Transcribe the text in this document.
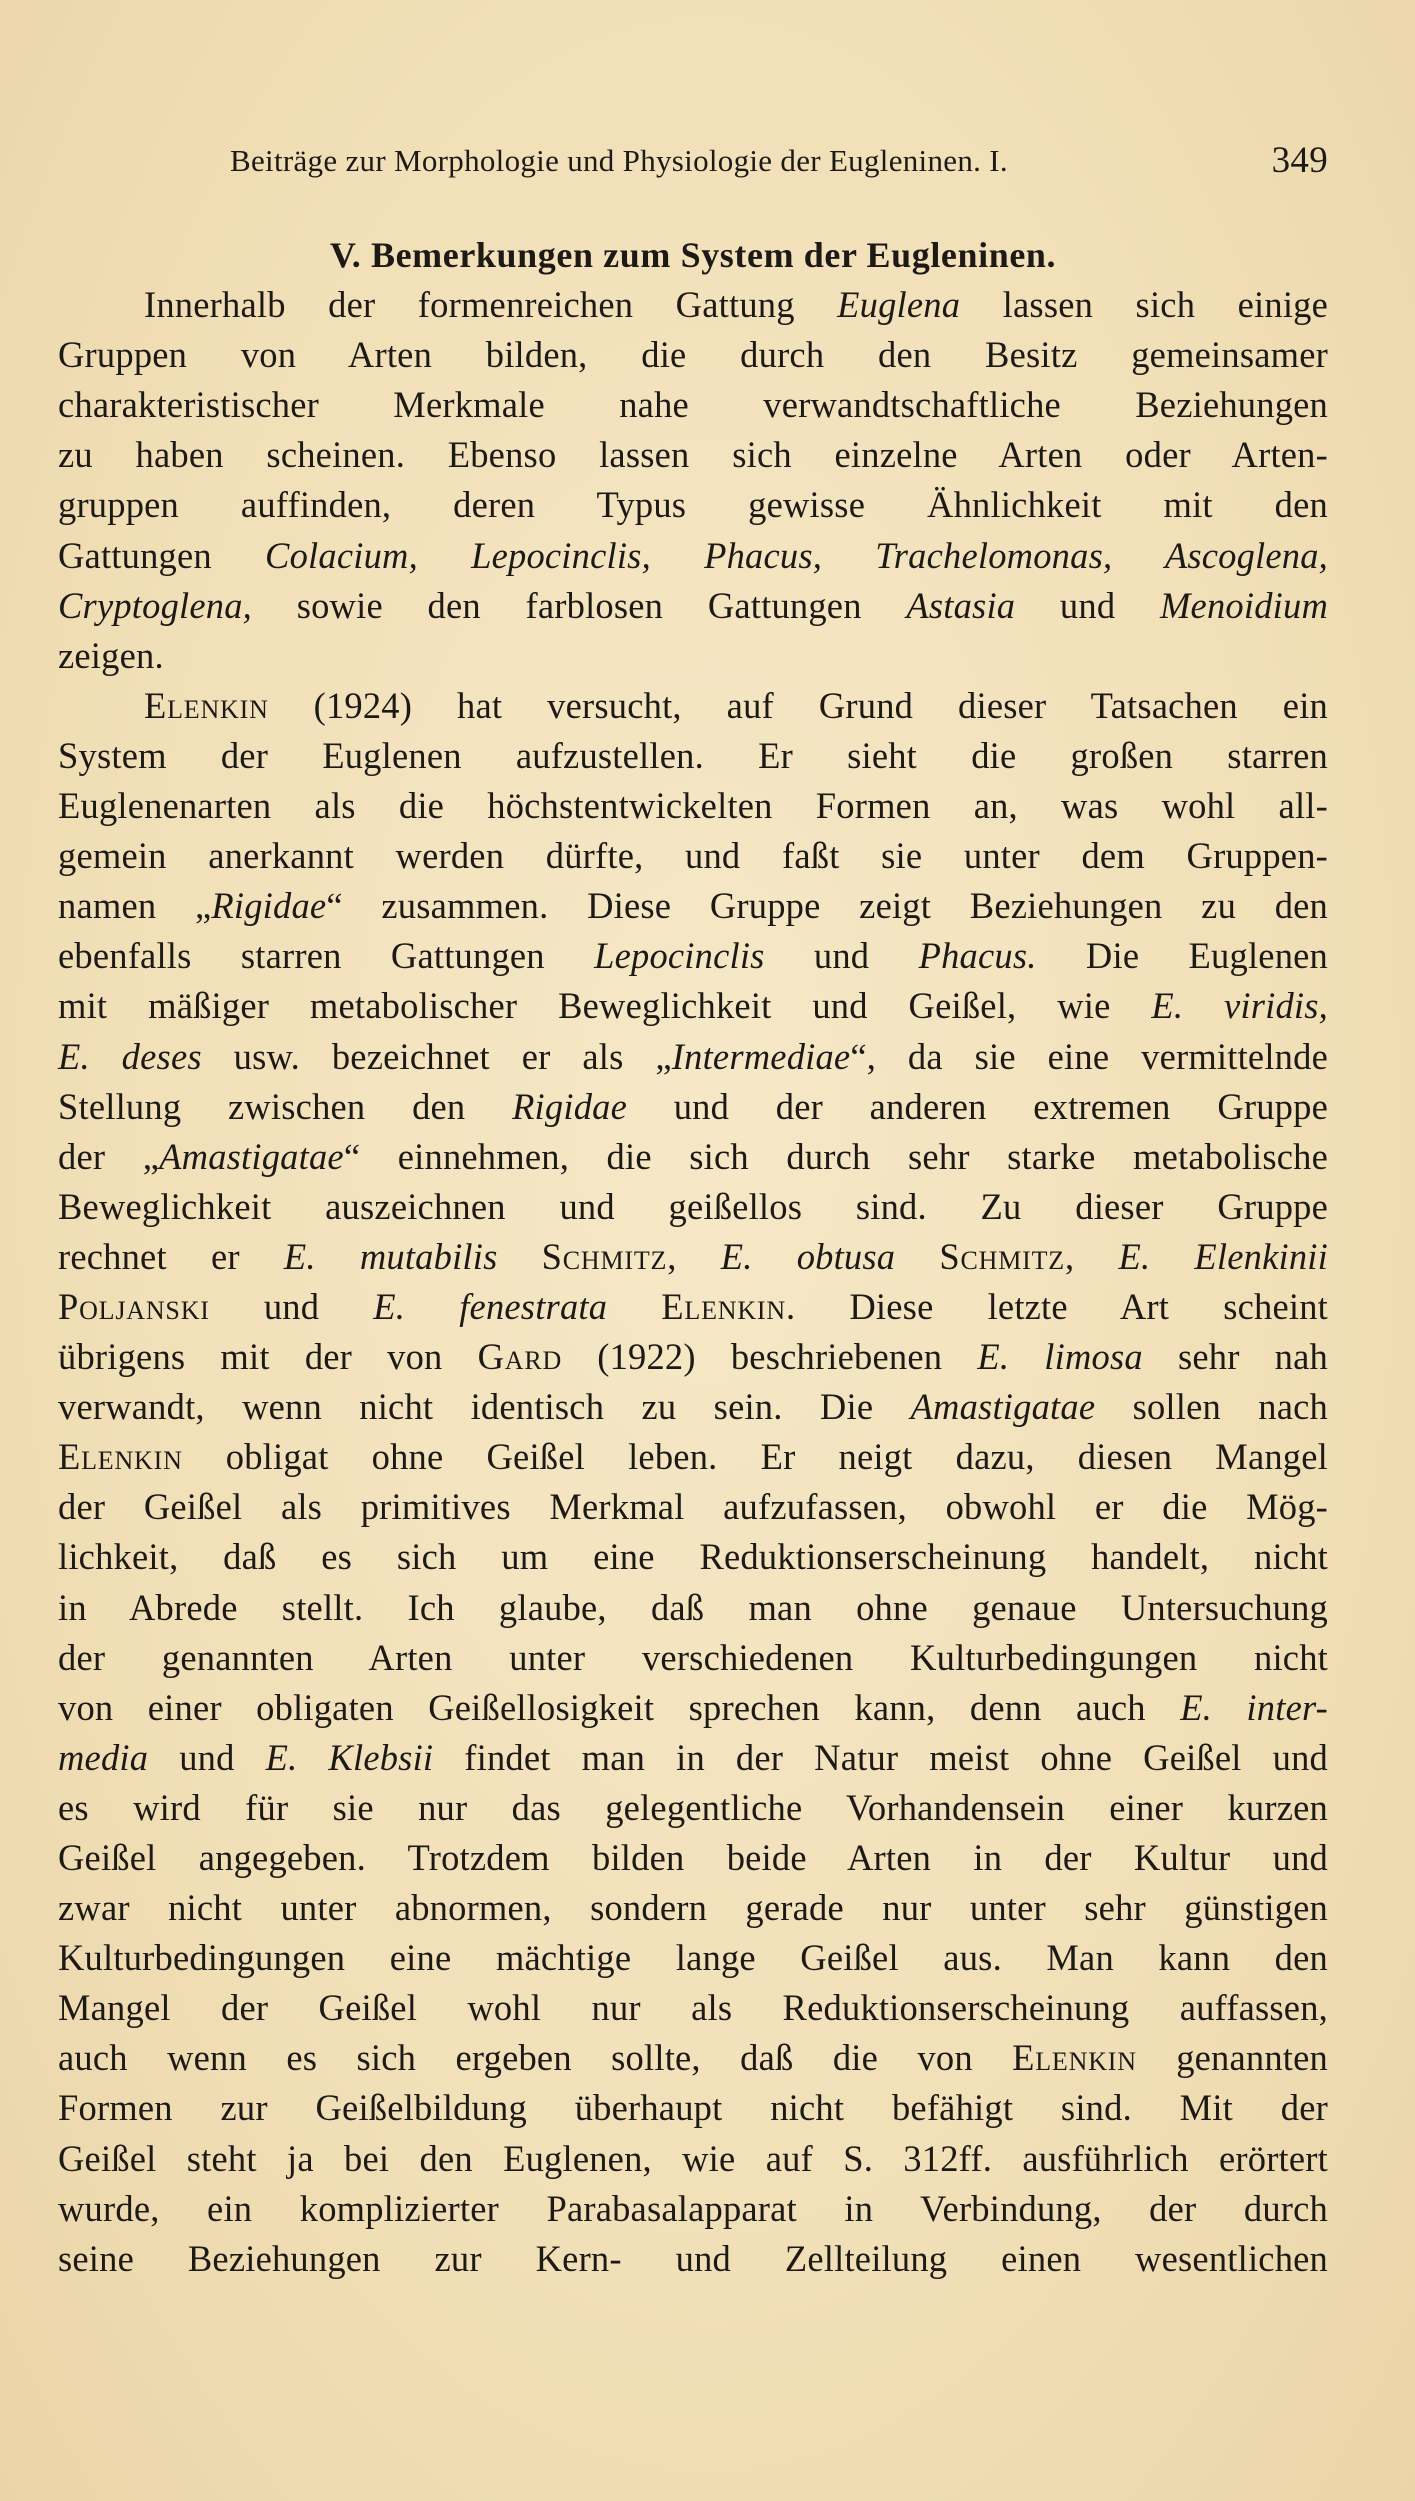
Beiträge zur Morphologie und Physiologie der Eugleninen. I.	349
V. Bemerkungen zum System der Eugleninen.
Innerhalb der formenreichen Gattung Euglena lassen sich einige
Gruppen von Arten bilden, die durch den Besitz gemeinsamer
charakteristischer Merkmale nahe verwandtschaftliche Beziehungen
zu haben scheinen. Ebenso lassen sich einzelne Arten oder Arten-
gruppen auffinden, deren Typus gewisse Ähnlichkeit mit den
Gattungen Colacium, Lepocinclis, Phacus, Trachelomonas, Ascoglena,
Cryptoglena, sowie den farblosen Gattungen Astasia und Menoidium
zeigen.
Elenkin (1924) hat versucht, auf Grund dieser Tatsachen ein
System der Euglenen aufzustellen. Er sieht die großen starren
Euglenenarten als die höchstentwickelten Formen an, was wohl all-
gemein anerkannt werden dürfte, und faßt sie unter dem Gruppen-
namen „Rigidae“ zusammen. Diese Gruppe zeigt Beziehungen zu den
ebenfalls starren Gattungen Lepocinclis und Phacus. Die Euglenen
mit mäßiger metabolischer Beweglichkeit und Geißel, wie E. viridis,
E. deses usw. bezeichnet er als „Intermediae“, da sie eine vermittelnde
Stellung zwischen den Rigidae und der anderen extremen Gruppe
der „Amastigatae“ einnehmen, die sich durch sehr starke metabolische
Beweglichkeit auszeichnen und geißellos sind. Zu dieser Gruppe
rechnet er E. mutabilis Schmitz, E. obtusa Schmitz, E. Elenkinii
Poljanski und E. fenestrata Elenkin. Diese letzte Art scheint
übrigens mit der von Gard (1922) beschriebenen E. limosa sehr nah
verwandt, wenn nicht identisch zu sein. Die Amastigatae sollen nach
Elenkin obligat ohne Geißel leben. Er neigt dazu, diesen Mangel
der Geißel als primitives Merkmal aufzufassen, obwohl er die Mög-
lichkeit, daß es sich um eine Reduktionserscheinung handelt, nicht
in Abrede stellt. Ich glaube, daß man ohne genaue Untersuchung
der genannten Arten unter verschiedenen Kulturbedingungen nicht
von einer obligaten Geißellosigkeit sprechen kann, denn auch E. inter-
media und E. Klebsii findet man in der Natur meist ohne Geißel und
es wird für sie nur das gelegentliche Vorhandensein einer kurzen
Geißel angegeben. Trotzdem bilden beide Arten in der Kultur und
zwar nicht unter abnormen, sondern gerade nur unter sehr günstigen
Kulturbedingungen eine mächtige lange Geißel aus. Man kann den
Mangel der Geißel wohl nur als Reduktionserscheinung auffassen,
auch wenn es sich ergeben sollte, daß die von Elenkin genannten
Formen zur Geißelbildung überhaupt nicht befähigt sind. Mit der
Geißel steht ja bei den Euglenen, wie auf S. 312ff. ausführlich erörtert
wurde, ein komplizierter Parabasalapparat in Verbindung, der durch
seine Beziehungen zur Kern- und Zellteilung einen wesentlichen
